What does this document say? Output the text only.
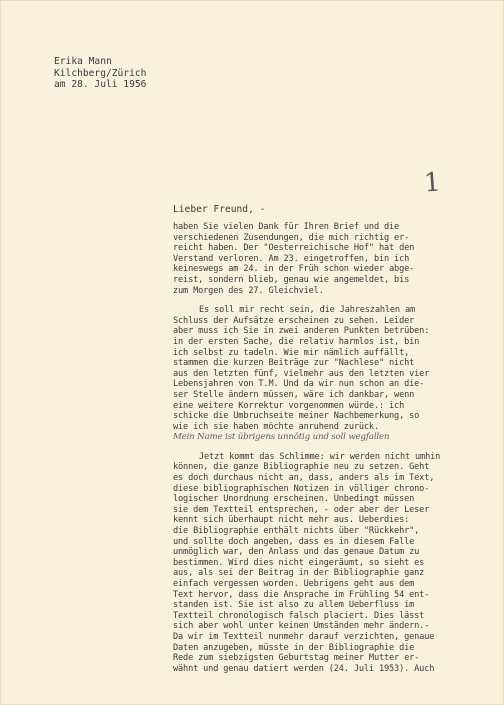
Erika Mann
Kilchberg/Zürich
am 28. Juli 1956
1
Lieber Freund, -

haben Sie vielen Dank für Ihren Brief und die
verschiedenen Zusendungen, die mich richtig er-
reicht haben. Der "Oesterreichische Hof" hat den
Verstand verloren. Am 23. eingetroffen, bin ich
keineswegs am 24. in der Früh schon wieder abge-
reist, sondern blieb, genau wie angemeldet, bis
zum Morgen des 27. Gleichviel.

Es soll mir recht sein, die Jahreszahlen am
Schluss der Aufsätze erscheinen zu sehen. Leider
aber muss ich Sie in zwei anderen Punkten betrüben:
in der ersten Sache, die relativ harmlos ist, bin
ich selbst zu tadeln. Wie mir nämlich auffällt,
stammen die kurzen Beiträge zur "Nachlese" nicht
aus den letzten fünf, vielmehr aus den letzten vier
Lebensjahren von T.M. Und da wir nun schon an die-
ser Stelle ändern müssen, wäre ich dankbar, wenn
eine weitere Korrektur vorgenommen würde.: ich
schicke die Umbruchseite meiner Nachbemerkung, so
wie ich sie haben möchte anruhend zurück.
Mein Name ist übrigens unnötig und soll wegfallen

Jetzt kommt das Schlimme: wir werden nicht umhin
können, die ganze Bibliographie neu zu setzen. Geht
es doch durchaus nicht an, dass, anders als im Text,
diese bibliographischen Notizen in völliger chrono-
logischer Unordnung erscheinen. Unbedingt müssen
sie dem Textteil entsprechen, - oder aber der Leser
kennt sich überhaupt nicht mehr aus. Ueberdies:
die Bibliographie enthält nichts über "Rückkehr",
und sollte doch angeben, dass es in diesem Falle
unmöglich war, den Anlass und das genaue Datum zu
bestimmen. Wird dies nicht eingeräumt, so sieht es
aus, als sei der Beitrag in der Bibliographie ganz
einfach vergessen worden. Uebrigens geht aus dem
Text hervor, dass die Ansprache im Frühling 54 ent-
standen ist. Sie ist also zu allem Ueberfluss im
Textteil chronologisch falsch placiert. Dies lässt
sich aber wohl unter keinen Umständen mehr ändern.-
Da wir im Textteil nunmehr darauf verzichten, genaue
Daten anzugeben, müsste in der Bibliographie die
Rede zum siebzigsten Geburtstag meiner Mutter er-
wähnt und genau datiert werden (24. Juli 1953). Auch
